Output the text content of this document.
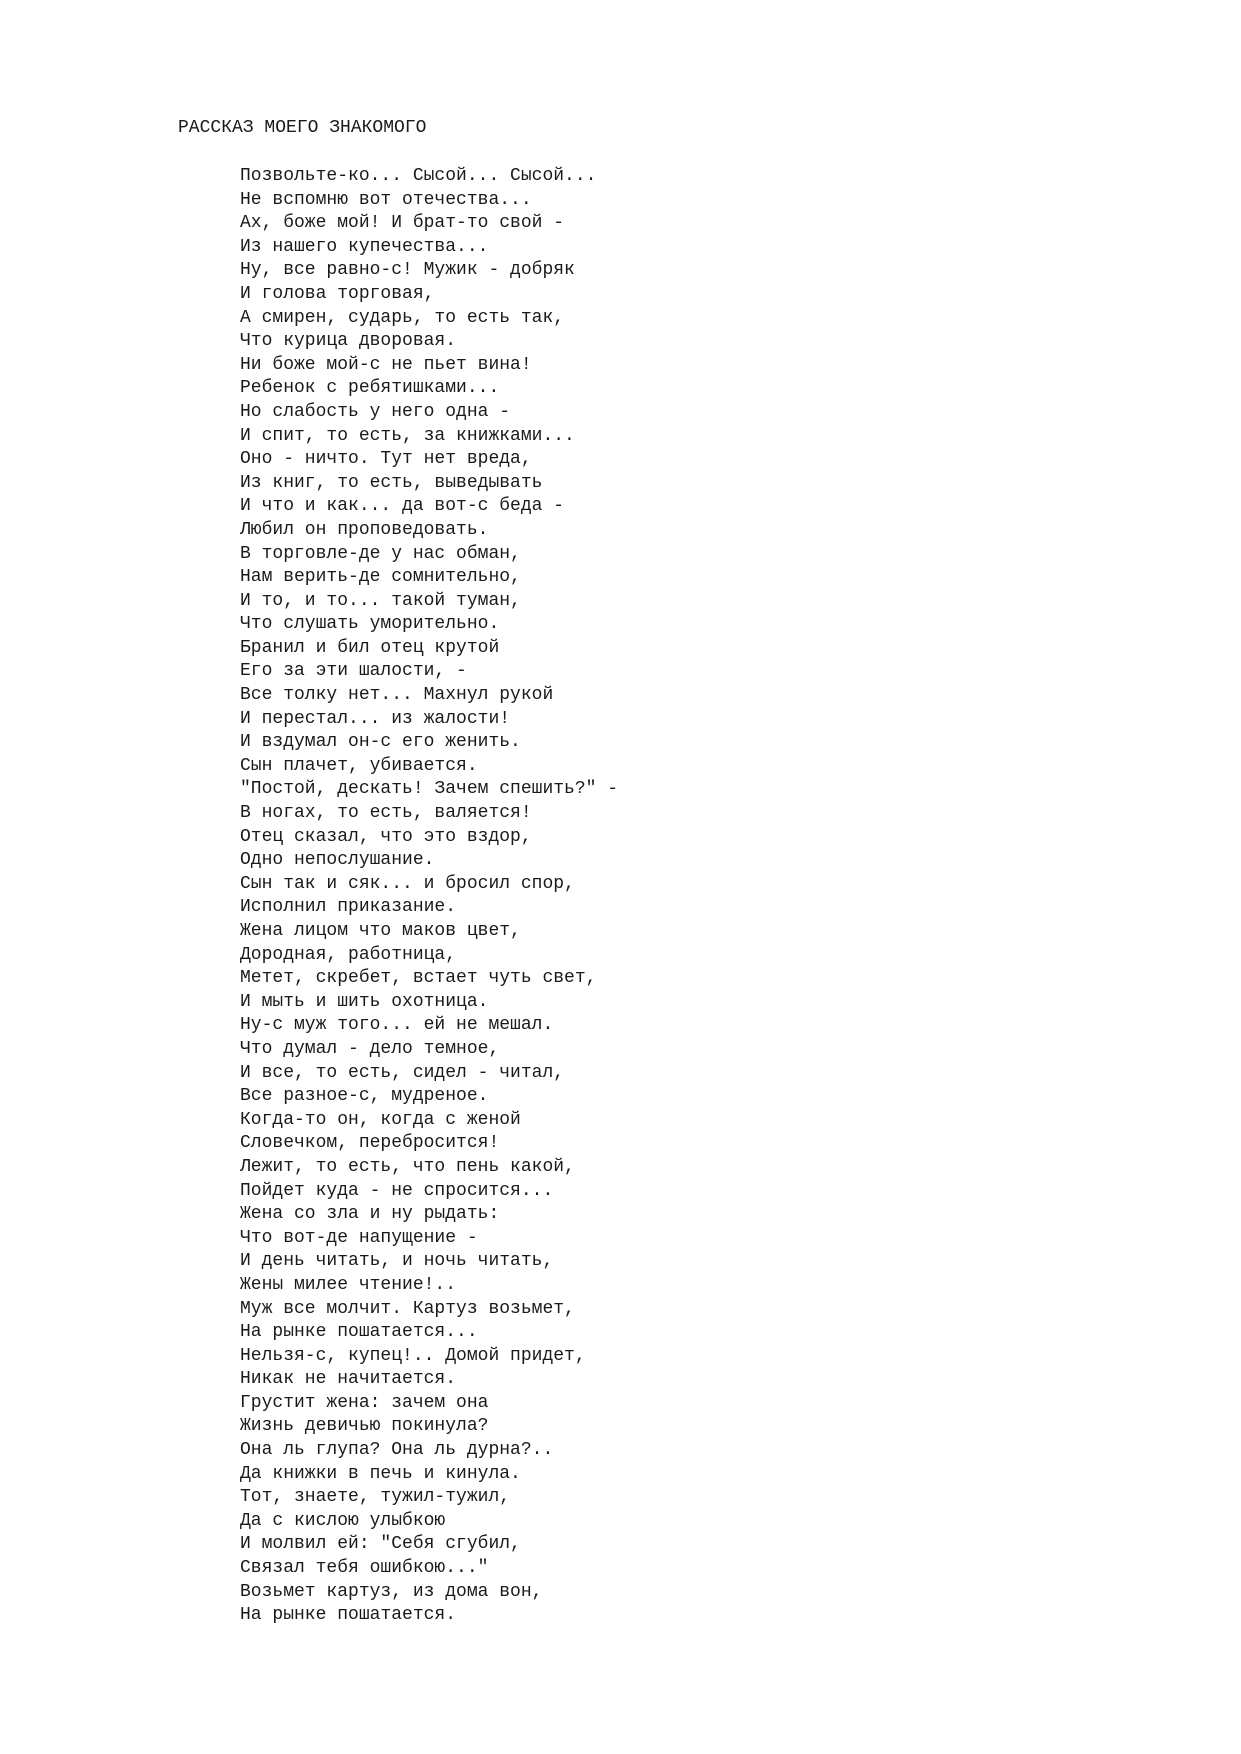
РАССКАЗ МОЕГО ЗНАКОМОГО
Позвольте-ко... Сысой... Сысой...
Не вспомню вот отечества...
Ах, боже мой! И брат-то свой -
Из нашего купечества...
Ну, все равно-с! Мужик - добряк
И голова торговая,
А смирен, сударь, то есть так,
Что курица дворовая.
Ни боже мой-с не пьет вина!
Ребенок с ребятишками...
Но слабость у него одна -
И спит, то есть, за книжками...
Оно - ничто. Тут нет вреда,
Из книг, то есть, выведывать
И что и как... да вот-с беда -
Любил он проповедовать.
В торговле-де у нас обман,
Нам верить-де сомнительно,
И то, и то... такой туман,
Что слушать уморительно.
Бранил и бил отец крутой
Его за эти шалости, -
Все толку нет... Махнул рукой
И перестал... из жалости!
И вздумал он-с его женить.
Сын плачет, убивается.
"Постой, дескать! Зачем спешить?" -
В ногах, то есть, валяется!
Отец сказал, что это вздор,
Одно непослушание.
Сын так и сяк... и бросил спор,
Исполнил приказание.
Жена лицом что маков цвет,
Дородная, работница,
Метет, скребет, встает чуть свет,
И мыть и шить охотница.
Ну-с муж того... ей не мешал.
Что думал - дело темное,
И все, то есть, сидел - читал,
Все разное-с, мудреное.
Когда-то он, когда с женой
Словечком, перебросится!
Лежит, то есть, что пень какой,
Пойдет куда - не спросится...
Жена со зла и ну рыдать:
Что вот-де напущение -
И день читать, и ночь читать,
Жены милее чтение!..
Муж все молчит. Картуз возьмет,
На рынке пошатается...
Нельзя-с, купец!.. Домой придет,
Никак не начитается.
Грустит жена: зачем она
Жизнь девичью покинула?
Она ль глупа? Она ль дурна?..
Да книжки в печь и кинула.
Тот, знаете, тужил-тужил,
Да с кислою улыбкою
И молвил ей: "Себя сгубил,
Связал тебя ошибкою..."
Возьмет картуз, из дома вон,
На рынке пошатается.
